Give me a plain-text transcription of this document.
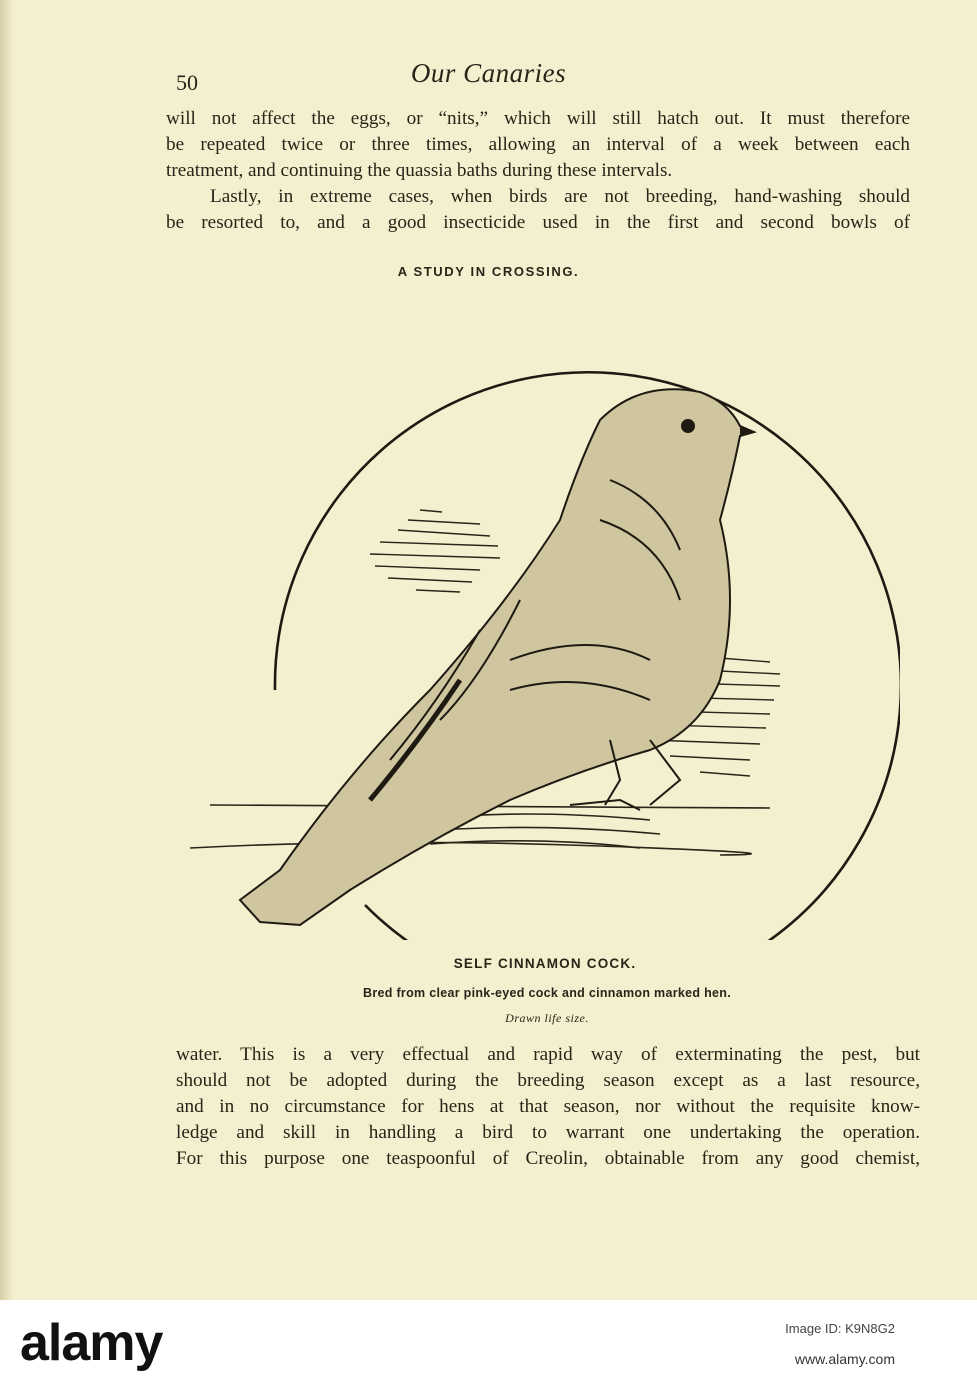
50	Our Canaries
will not affect the eggs, or “nits,” which will still hatch out. It must therefore
be repeated twice or three times, allowing an interval of a week between each
treatment, and continuing the quassia baths during these intervals.
Lastly, in extreme cases, when birds are not breeding, hand-washing should
be resorted to, and a good insecticide used in the first and second bowls of
A STUDY IN CROSSING.
SELF CINNAMON COCK.
Bred from clear pink-eyed cock and cinnamon marked hen.
Drawn life size.
water. This is a very effectual and rapid way of exterminating the pest, but
should not be adopted during the breeding season except as a last resource,
and in no circumstance for hens at that season, nor without the requisite know-
ledge and skill in handling a bird to warrant one undertaking the operation.
For this purpose one teaspoonful of Creolin, obtainable from any good chemist,
alamy	Image ID: K9N8G2
www.alamy.com
